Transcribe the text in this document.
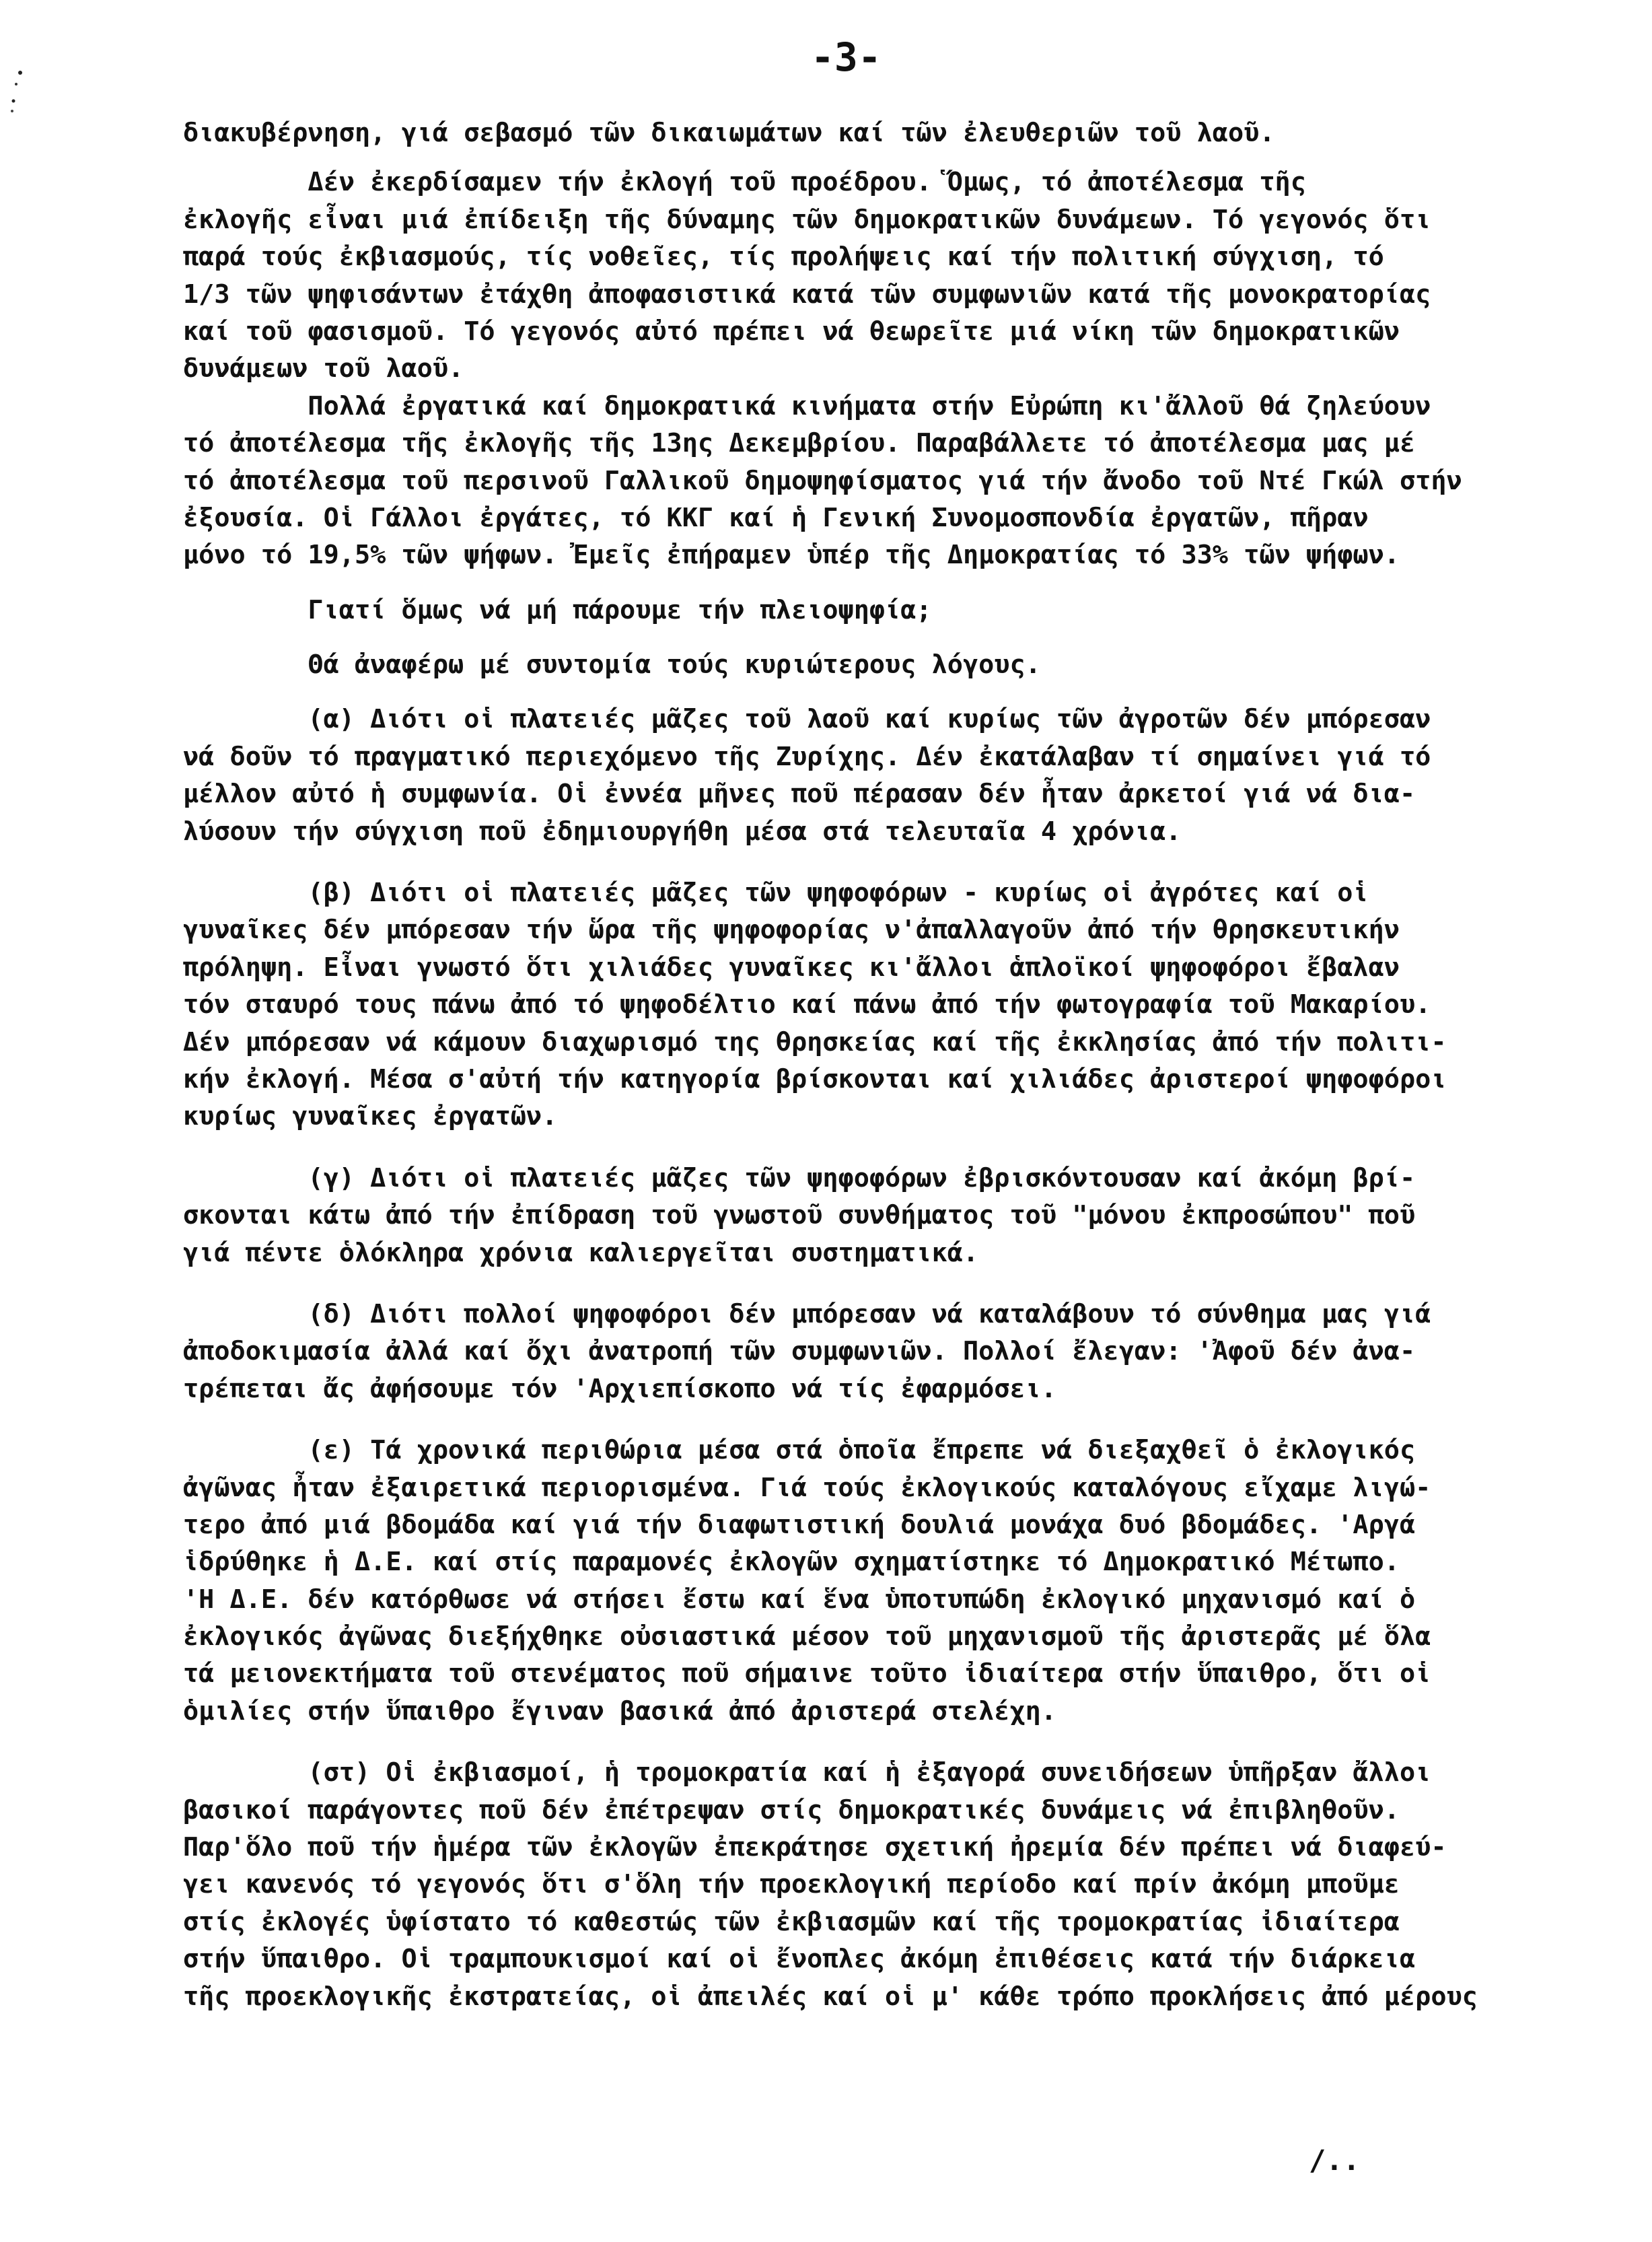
-3-
διακυβέρνηση, γιά σεβασμό τῶν δικαιωμάτων καί τῶν ἐλευθεριῶν τοῦ λαοῦ.
Δέν ἐκερδίσαμεν τήν ἐκλογή τοῦ προέδρου. Ὅμως, τό ἀποτέλεσμα τῆς
ἐκλογῆς εἶναι μιά ἐπίδειξη τῆς δύναμης τῶν δημοκρατικῶν δυνάμεων. Τό γεγονός ὅτι
παρά τούς ἐκβιασμούς, τίς νοθεῖες, τίς προλήψεις καί τήν πολιτική σύγχιση, τό
1/3 τῶν ψηφισάντων ἐτάχθη ἀποφασιστικά κατά τῶν συμφωνιῶν κατά τῆς μονοκρατορίας
καί τοῦ φασισμοῦ. Τό γεγονός αὐτό πρέπει νά θεωρεῖτε μιά νίκη τῶν δημοκρατικῶν
δυνάμεων τοῦ λαοῦ.
Πολλά ἐργατικά καί δημοκρατικά κινήματα στήν Εὐρώπη κι'ἄλλοῦ θά ζηλεύουν
τό ἀποτέλεσμα τῆς ἐκλογῆς τῆς 13ης Δεκεμβρίου. Παραβάλλετε τό ἀποτέλεσμα μας μέ
τό ἀποτέλεσμα τοῦ περσινοῦ Γαλλικοῦ δημοψηφίσματος γιά τήν ἄνοδο τοῦ Ντέ Γκώλ στήν
ἐξουσία. Οἱ Γάλλοι ἐργάτες, τό ΚΚΓ καί ἡ Γενική Συνομοσπονδία ἐργατῶν, πῆραν
μόνο τό 19,5% τῶν ψήφων. Ἐμεῖς ἐπήραμεν ὑπέρ τῆς Δημοκρατίας τό 33% τῶν ψήφων.
Γιατί ὅμως νά μή πάρουμε τήν πλειοψηφία;
Θά ἀναφέρω μέ συντομία τούς κυριώτερους λόγους.
(α) Διότι οἱ πλατειές μᾶζες τοῦ λαοῦ καί κυρίως τῶν ἀγροτῶν δέν μπόρεσαν
νά δοῦν τό πραγματικό περιεχόμενο τῆς Ζυρίχης. Δέν ἐκατάλαβαν τί σημαίνει γιά τό
μέλλον αὐτό ἡ συμφωνία. Οἱ ἐννέα μῆνες ποῦ πέρασαν δέν ἦταν ἀρκετοί γιά νά δια-
λύσουν τήν σύγχιση ποῦ ἐδημιουργήθη μέσα στά τελευταῖα 4 χρόνια.
(β) Διότι οἱ πλατειές μᾶζες τῶν ψηφοφόρων - κυρίως οἱ ἀγρότες καί οἱ
γυναῖκες δέν μπόρεσαν τήν ὥρα τῆς ψηφοφορίας ν'ἀπαλλαγοῦν ἀπό τήν θρησκευτικήν
πρόληψη. Εἶναι γνωστό ὅτι χιλιάδες γυναῖκες κι'ἄλλοι ἁπλοϊκοί ψηφοφόροι ἔβαλαν
τόν σταυρό τους πάνω ἀπό τό ψηφοδέλτιο καί πάνω ἀπό τήν φωτογραφία τοῦ Μακαρίου.
Δέν μπόρεσαν νά κάμουν διαχωρισμό της θρησκείας καί τῆς ἐκκλησίας ἀπό τήν πολιτι-
κήν ἐκλογή. Μέσα σ'αὐτή τήν κατηγορία βρίσκονται καί χιλιάδες ἀριστεροί ψηφοφόροι
κυρίως γυναῖκες ἐργατῶν.
(γ) Διότι οἱ πλατειές μᾶζες τῶν ψηφοφόρων ἐβρισκόντουσαν καί ἀκόμη βρί-
σκονται κάτω ἀπό τήν ἐπίδραση τοῦ γνωστοῦ συνθήματος τοῦ "μόνου ἐκπροσώπου" ποῦ
γιά πέντε ὁλόκληρα χρόνια καλιεργεῖται συστηματικά.
(δ) Διότι πολλοί ψηφοφόροι δέν μπόρεσαν νά καταλάβουν τό σύνθημα μας γιά
ἀποδοκιμασία ἀλλά καί ὄχι ἀνατροπή τῶν συμφωνιῶν. Πολλοί ἔλεγαν: 'Ἀφοῦ δέν ἀνα-
τρέπεται ἄς ἀφήσουμε τόν 'Αρχιεπίσκοπο νά τίς ἐφαρμόσει.
(ε) Τά χρονικά περιθώρια μέσα στά ὁποῖα ἔπρεπε νά διεξαχθεῖ ὁ ἐκλογικός
ἀγῶνας ἦταν ἐξαιρετικά περιορισμένα. Γιά τούς ἐκλογικούς καταλόγους εἴχαμε λιγώ-
τερο ἀπό μιά βδομάδα καί γιά τήν διαφωτιστική δουλιά μονάχα δυό βδομάδες. 'Αργά
ἱδρύθηκε ἡ Δ.Ε. καί στίς παραμονές ἐκλογῶν σχηματίστηκε τό Δημοκρατικό Μέτωπο.
'Η Δ.Ε. δέν κατόρθωσε νά στήσει ἔστω καί ἕνα ὑποτυπώδη ἐκλογικό μηχανισμό καί ὁ
ἐκλογικός ἀγῶνας διεξήχθηκε οὐσιαστικά μέσον τοῦ μηχανισμοῦ τῆς ἀριστερᾶς μέ ὅλα
τά μειονεκτήματα τοῦ στενέματος ποῦ σήμαινε τοῦτο ἰδιαίτερα στήν ὕπαιθρο, ὅτι οἱ
ὁμιλίες στήν ὕπαιθρο ἔγιναν βασικά ἀπό ἀριστερά στελέχη.
(στ) Οἱ ἐκβιασμοί, ἡ τρομοκρατία καί ἡ ἐξαγορά συνειδήσεων ὑπῆρξαν ἄλλοι
βασικοί παράγοντες ποῦ δέν ἐπέτρεψαν στίς δημοκρατικές δυνάμεις νά ἐπιβληθοῦν.
Παρ'ὅλο ποῦ τήν ἡμέρα τῶν ἐκλογῶν ἐπεκράτησε σχετική ἠρεμία δέν πρέπει νά διαφεύ-
γει κανενός τό γεγονός ὅτι σ'ὅλη τήν προεκλογική περίοδο καί πρίν ἀκόμη μποῦμε
στίς ἐκλογές ὑφίστατο τό καθεστώς τῶν ἐκβιασμῶν καί τῆς τρομοκρατίας ἰδιαίτερα
στήν ὕπαιθρο. Οἱ τραμπουκισμοί καί οἱ ἔνοπλες ἀκόμη ἐπιθέσεις κατά τήν διάρκεια
τῆς προεκλογικῆς ἐκστρατείας, οἱ ἀπειλές καί οἱ μ' κάθε τρόπο προκλήσεις ἀπό μέρους
/..
